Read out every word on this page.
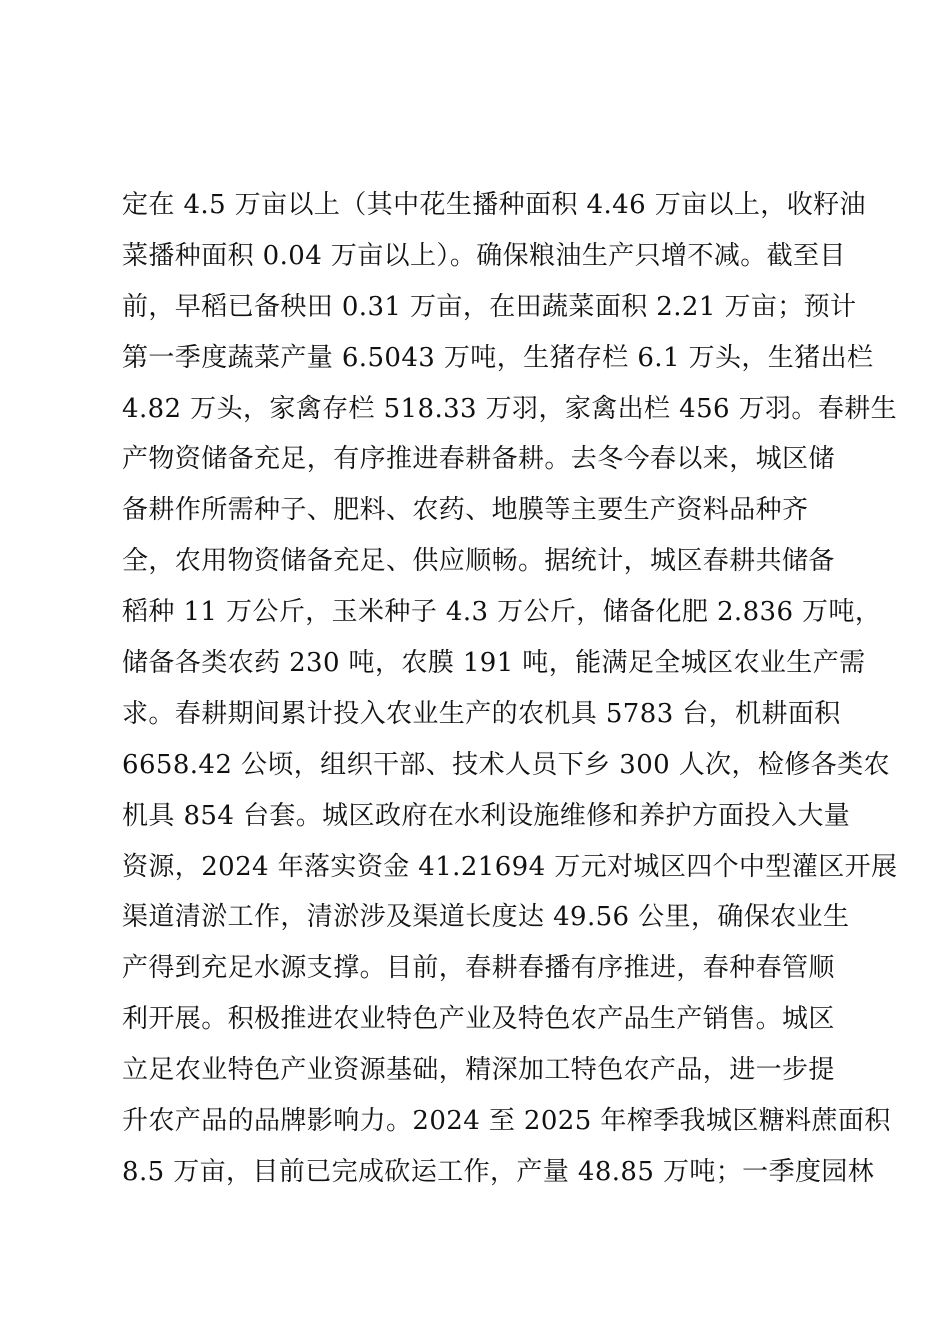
定在 4.5 万亩以上（其中花生播种面积 4.46 万亩以上，收籽油
菜播种面积 0.04 万亩以上）。确保粮油生产只增不减。截至目
前，早稻已备秧田 0.31 万亩，在田蔬菜面积 2.21 万亩；预计
第一季度蔬菜产量 6.5043 万吨，生猪存栏 6.1 万头，生猪出栏
4.82 万头，家禽存栏 518.33 万羽，家禽出栏 456 万羽。春耕生
产物资储备充足，有序推进春耕备耕。去冬今春以来，城区储
备耕作所需种子、肥料、农药、地膜等主要生产资料品种齐
全，农用物资储备充足、供应顺畅。据统计，城区春耕共储备
稻种 11 万公斤，玉米种子 4.3 万公斤，储备化肥 2.836 万吨，
储备各类农药 230 吨，农膜 191 吨，能满足全城区农业生产需
求。春耕期间累计投入农业生产的农机具 5783 台，机耕面积
6658.42 公顷，组织干部、技术人员下乡 300 人次，检修各类农
机具 854 台套。城区政府在水利设施维修和养护方面投入大量
资源，2024 年落实资金 41.21694 万元对城区四个中型灌区开展
渠道清淤工作，清淤涉及渠道长度达 49.56 公里，确保农业生
产得到充足水源支撑。目前，春耕春播有序推进，春种春管顺
利开展。积极推进农业特色产业及特色农产品生产销售。城区
立足农业特色产业资源基础，精深加工特色农产品，进一步提
升农产品的品牌影响力。2024 至 2025 年榨季我城区糖料蔗面积
8.5 万亩，目前已完成砍运工作，产量 48.85 万吨；一季度园林
